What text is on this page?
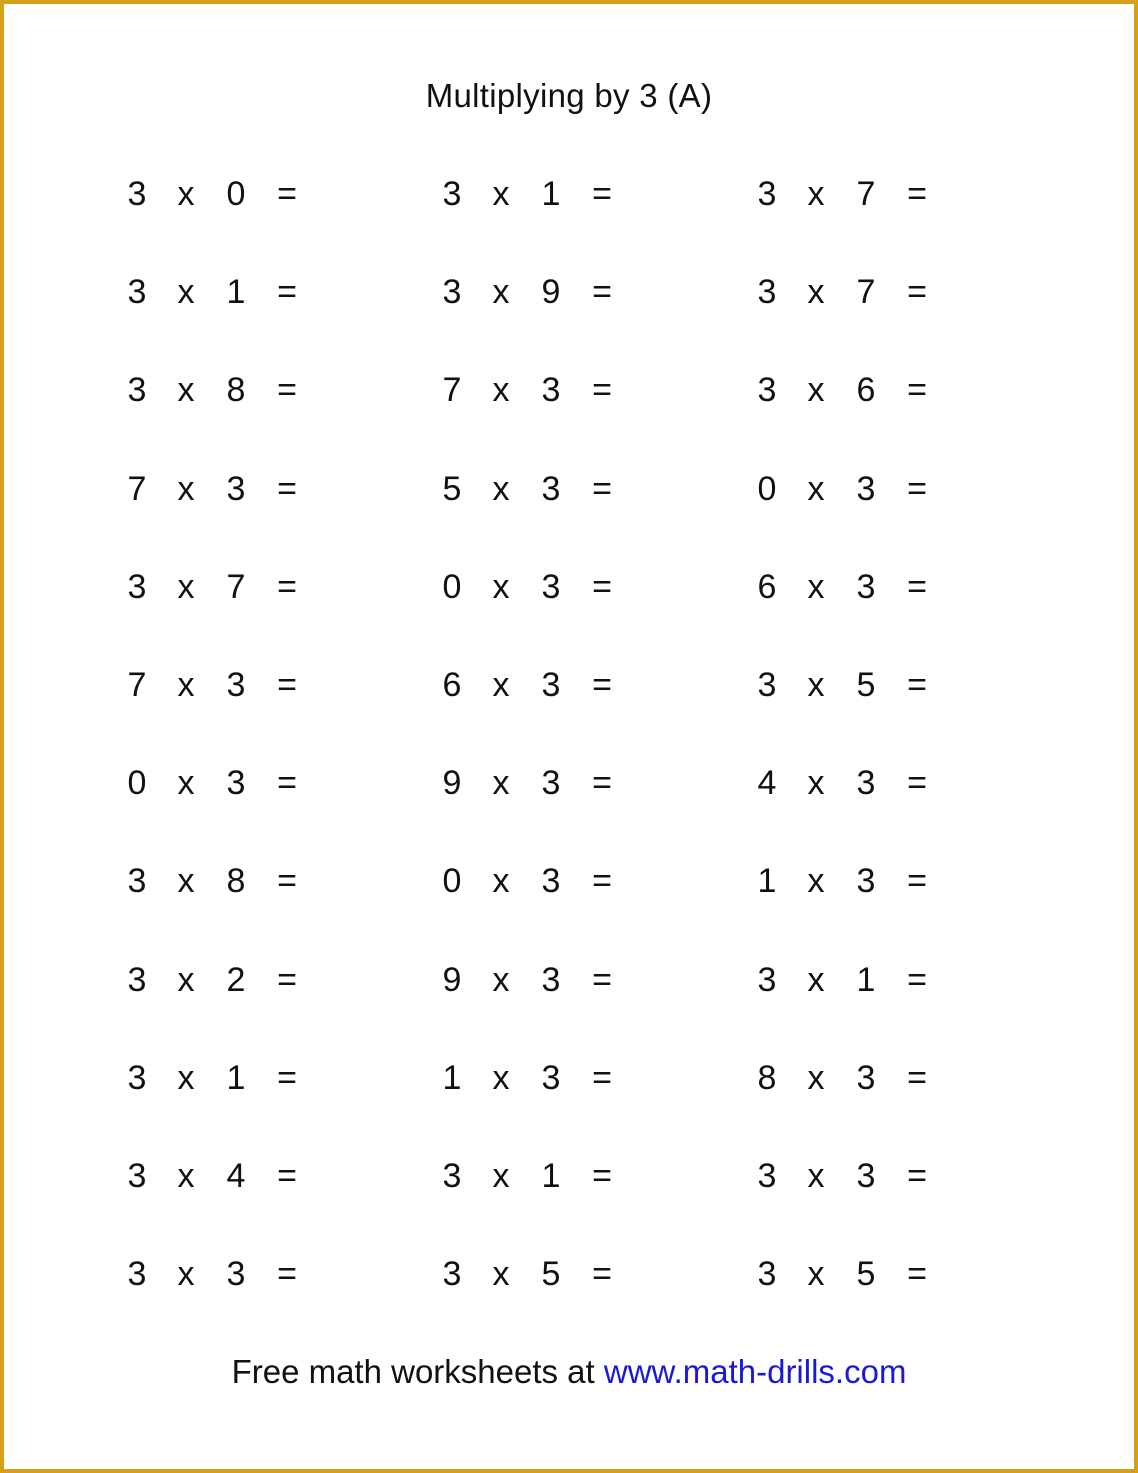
Multiplying by 3 (A)
3 x 0 =
3 x 1 =
3 x 8 =
7 x 3 =
3 x 7 =
7 x 3 =
0 x 3 =
3 x 8 =
3 x 2 =
3 x 1 =
3 x 4 =
3 x 3 =
3 x 1 =
3 x 9 =
7 x 3 =
5 x 3 =
0 x 3 =
6 x 3 =
9 x 3 =
0 x 3 =
9 x 3 =
1 x 3 =
3 x 1 =
3 x 5 =
3 x 7 =
3 x 7 =
3 x 6 =
0 x 3 =
6 x 3 =
3 x 5 =
4 x 3 =
1 x 3 =
3 x 1 =
8 x 3 =
3 x 3 =
3 x 5 =
Free math worksheets at www.math-drills.com
